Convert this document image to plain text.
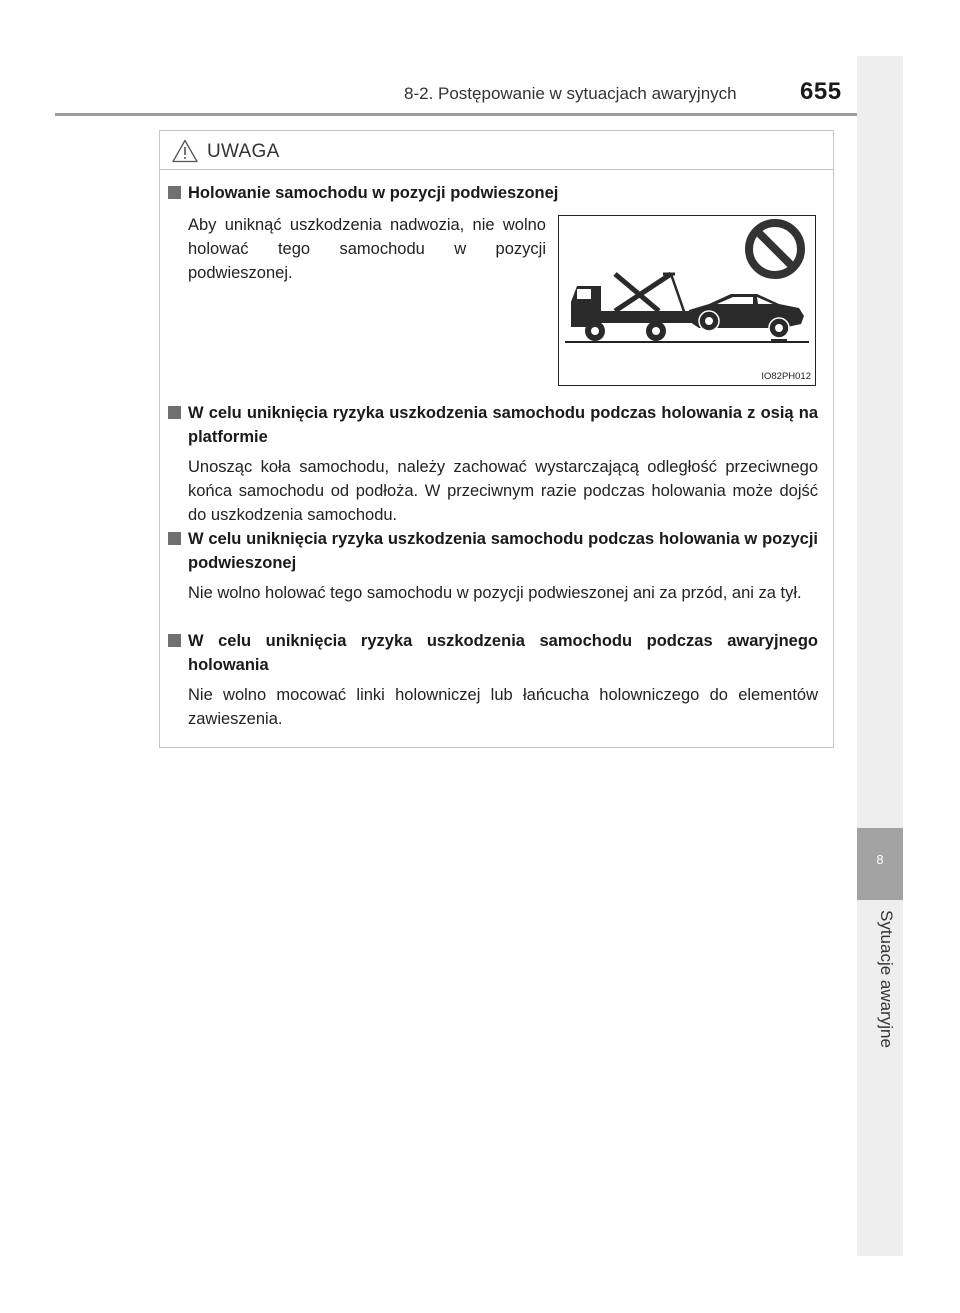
8-2. Postępowanie w sytuacjach awaryjnych	655
8
Sytuacje awaryjne
UWAGA
Holowanie samochodu w pozycji podwieszonej
Aby uniknąć uszkodzenia nadwozia, nie wolno holować tego samochodu w pozycji podwieszonej.
IO82PH012
W celu uniknięcia ryzyka uszkodzenia samochodu podczas holowania z osią na platformie
Unosząc koła samochodu, należy zachować wystarczającą odległość przeciwnego końca samochodu od podłoża. W przeciwnym razie podczas holowania może dojść do uszkodzenia samochodu.
W celu uniknięcia ryzyka uszkodzenia samochodu podczas holowania w pozycji podwieszonej
Nie wolno holować tego samochodu w pozycji podwieszonej ani za przód, ani za tył.
W celu uniknięcia ryzyka uszkodzenia samochodu podczas awaryjnego holowania
Nie wolno mocować linki holowniczej lub łańcucha holowniczego do elementów zawieszenia.
